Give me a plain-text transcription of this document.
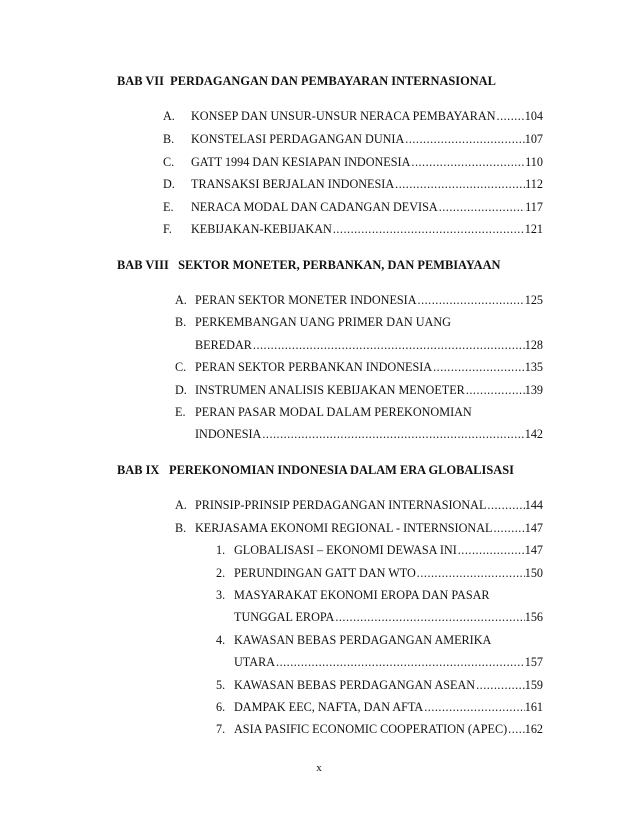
BAB VII PERDAGANGAN DAN PEMBAYARAN INTERNASIONAL
A.	KONSEP DAN UNSUR-UNSUR NERACA PEMBAYARAN ..... 104
B.	KONSTELASI PERDAGANGAN DUNIA .....	107
C.	GATT 1994 DAN KESIAPAN INDONESIA .....	110
D.	TRANSAKSI BERJALAN INDONESIA .....	112
E.	NERACA MODAL DAN CADANGAN DEVISA .....	117
F.	KEBIJAKAN-KEBIJAKAN .....	121
BAB VIII SEKTOR MONETER, PERBANKAN, DAN PEMBIAYAAN
A. PERAN SEKTOR MONETER INDONESIA .....	125
B. PERKEMBANGAN UANG PRIMER DAN UANG
BEREDAR .....	128
C. PERAN SEKTOR PERBANKAN INDONESIA .....	135
D. INSTRUMEN ANALISIS KEBIJAKAN MENOETER .....	139
E. PERAN PASAR MODAL DALAM PEREKONOMIAN
INDONESIA .....	142
BAB IX PEREKONOMIAN INDONESIA DALAM ERA GLOBALISASI
A. PRINSIP-PRINSIP PERDAGANGAN INTERNASIONAL .....	144
B. KERJASAMA EKONOMI REGIONAL - INTERNSIONAL .....	147
1. GLOBALISASI – EKONOMI DEWASA INI .....	147
2. PERUNDINGAN GATT DAN WTO .....	150
3. MASYARAKAT EKONOMI EROPA DAN PASAR
TUNGGAL EROPA .....	156
4. KAWASAN BEBAS PERDAGANGAN AMERIKA
UTARA .....	157
5. KAWASAN BEBAS PERDAGANGAN ASEAN .....	159
6. DAMPAK EEC, NAFTA, DAN AFTA .....	161
7. ASIA PASIFIC ECONOMIC COOPERATION (APEC) ..... 162
x
